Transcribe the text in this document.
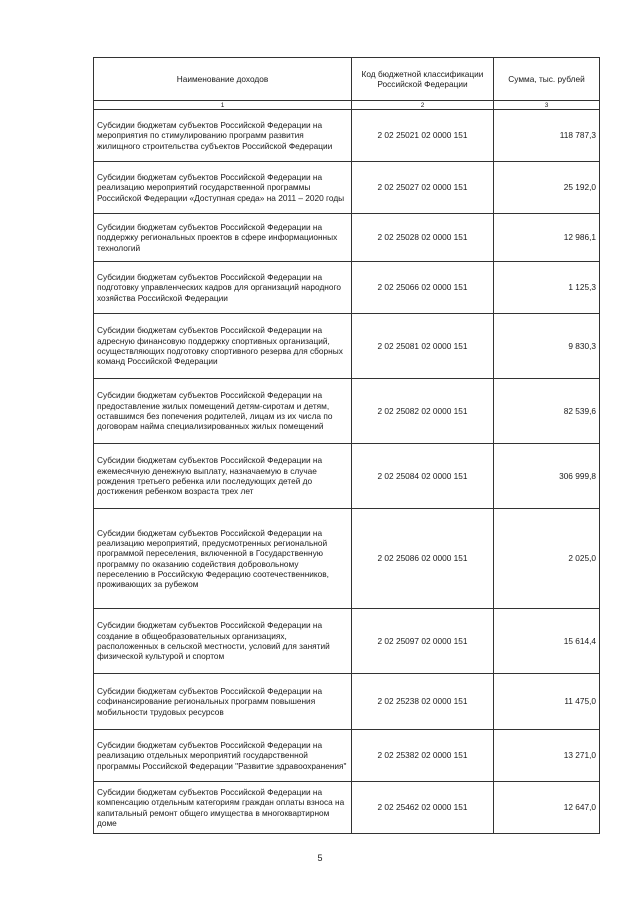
Наименование доходов	Код бюджетной классификации Российской Федерации	Сумма, тыс. рублей
1	2	3
Субсидии бюджетам субъектов Российской Федерации на мероприятия по стимулированию программ развития жилищного строительства субъектов Российской Федерации	2 02 25021 02 0000 151	118 787,3
Субсидии бюджетам субъектов Российской Федерации на реализацию мероприятий государственной программы Российской Федерации «Доступная среда» на 2011 – 2020 годы	2 02 25027 02 0000 151	25 192,0
Субсидии бюджетам субъектов Российской Федерации на поддержку региональных проектов в сфере информационных технологий	2 02 25028 02 0000 151	12 986,1
Субсидии бюджетам субъектов Российской Федерации на подготовку управленческих кадров для организаций народного хозяйства Российской Федерации	2 02 25066 02 0000 151	1 125,3
Субсидии бюджетам субъектов Российской Федерации на адресную финансовую поддержку спортивных организаций, осуществляющих подготовку спортивного резерва для сборных команд Российской Федерации	2 02 25081 02 0000 151	9 830,3
Субсидии бюджетам субъектов Российской Федерации на предоставление жилых помещений детям-сиротам и детям, оставшимся без попечения родителей, лицам из их числа по договорам найма специализированных жилых помещений	2 02 25082 02 0000 151	82 539,6
Субсидии бюджетам субъектов Российской Федерации на ежемесячную денежную выплату, назначаемую в случае рождения третьего ребенка или последующих детей до достижения ребенком возраста трех лет	2 02 25084 02 0000 151	306 999,8
Субсидии бюджетам субъектов Российской Федерации на реализацию мероприятий, предусмотренных региональной программой переселения, включенной в Государственную программу по оказанию содействия добровольному переселению в Российскую Федерацию соотечественников, проживающих за рубежом	2 02 25086 02 0000 151	2 025,0
Субсидии бюджетам субъектов Российской Федерации на создание в общеобразовательных организациях, расположенных в сельской местности, условий для занятий физической культурой и спортом	2 02 25097 02 0000 151	15 614,4
Субсидии бюджетам субъектов Российской Федерации на софинансирование региональных программ повышения мобильности трудовых ресурсов	2 02 25238 02 0000 151	11 475,0
Субсидии бюджетам субъектов Российской Федерации на реализацию отдельных мероприятий государственной программы Российской Федерации "Развитие здравоохранения"	2 02 25382 02 0000 151	13 271,0
Субсидии бюджетам субъектов Российской Федерации на компенсацию отдельным категориям граждан оплаты взноса на капитальный ремонт общего имущества в многоквартирном доме	2 02 25462 02 0000 151	12 647,0
5
